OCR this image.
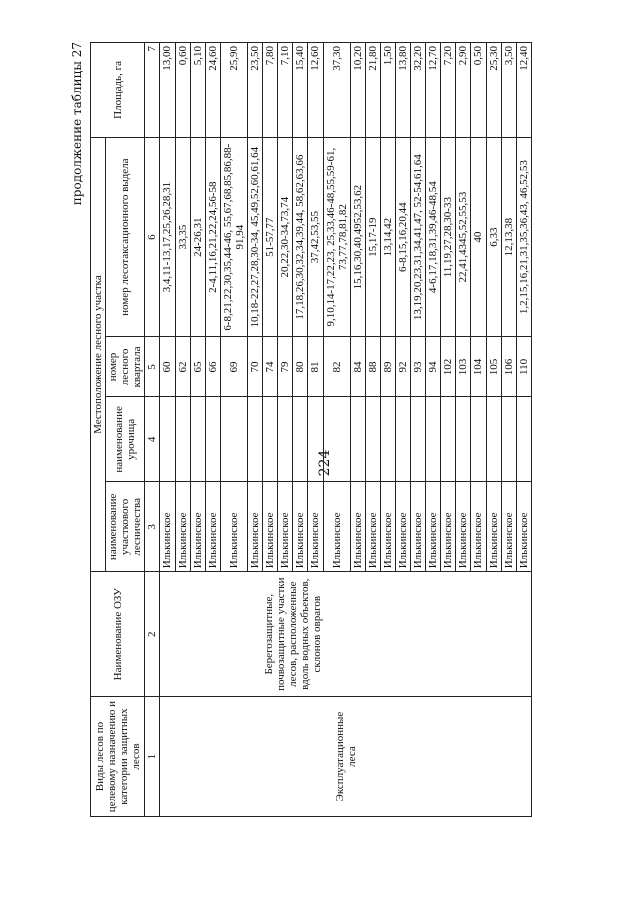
224
продолжение таблицы 27
Виды лесов по целевому назначению и категории защитных лесов	Наименование ОЗУ	Местоположение лесного участка				Площадь, га
		наименование участкового лесничества	наименование урочища	номер лесного квартала	номер лесотаксационного выдела	
1	2	3	4	5	6	7
Эксплуатационные леса		Илькинское		60	3,4,11-13,17,25,26,28,31	13,00
		Илькинское		62	33,35	0,60
		Илькинское		65	24-26,31	5,10
		Илькинское		66	2-4,11,16,21,22,24,56-58	24,60
	Берегозащитные, почвозащитные участки лесов, расположенные вдоль водных объектов, склонов оврагов	Илькинское		69	6-8,21,22,30,35,44-46, 55,67,68,85,86,88-91,94	25,90
		Илькинское		70	10,18-22,27,28,30-34, 45,49,52,60,61,64	23,50
		Илькинское		74	51-57,77	7,80
		Илькинское		79	20,22,30-34,73,74	7,10
		Илькинское		80	17,18,26,30,32,34,39,44, 58,62,63,66	15,40
		Илькинское		81	37,42,53,55	12,60
		Илькинское		82	9,10,14-17,22,23, 25,33,46-48,55,59-61, 73,77,78,81,82	37,30
		Илькинское		84	15,16,30,40,4952,53,62	10,20
		Илькинское		88	15,17-19	21,80
		Илькинское		89	13,14,42	1,50
		Илькинское		92	6-8,15,16,20,44	13,80
		Илькинское		93	13,19,20,23,31,34,41,47, 52-54,61,64	32,20
		Илькинское		94	4-6,17,18,31,39,46-48,54	12,70
		Илькинское		102	11,19,27,28,30-33	7,20
		Илькинское		103	22,41,4345,52,55,53	2,90
		Илькинское		104	40	0,50
		Илькинское		105	6,33	25,30
		Илькинское		106	12,13,38	3,50
		Илькинское		110	1,2,15,16,21,31,35,36,43, 46,52,53	12,40
